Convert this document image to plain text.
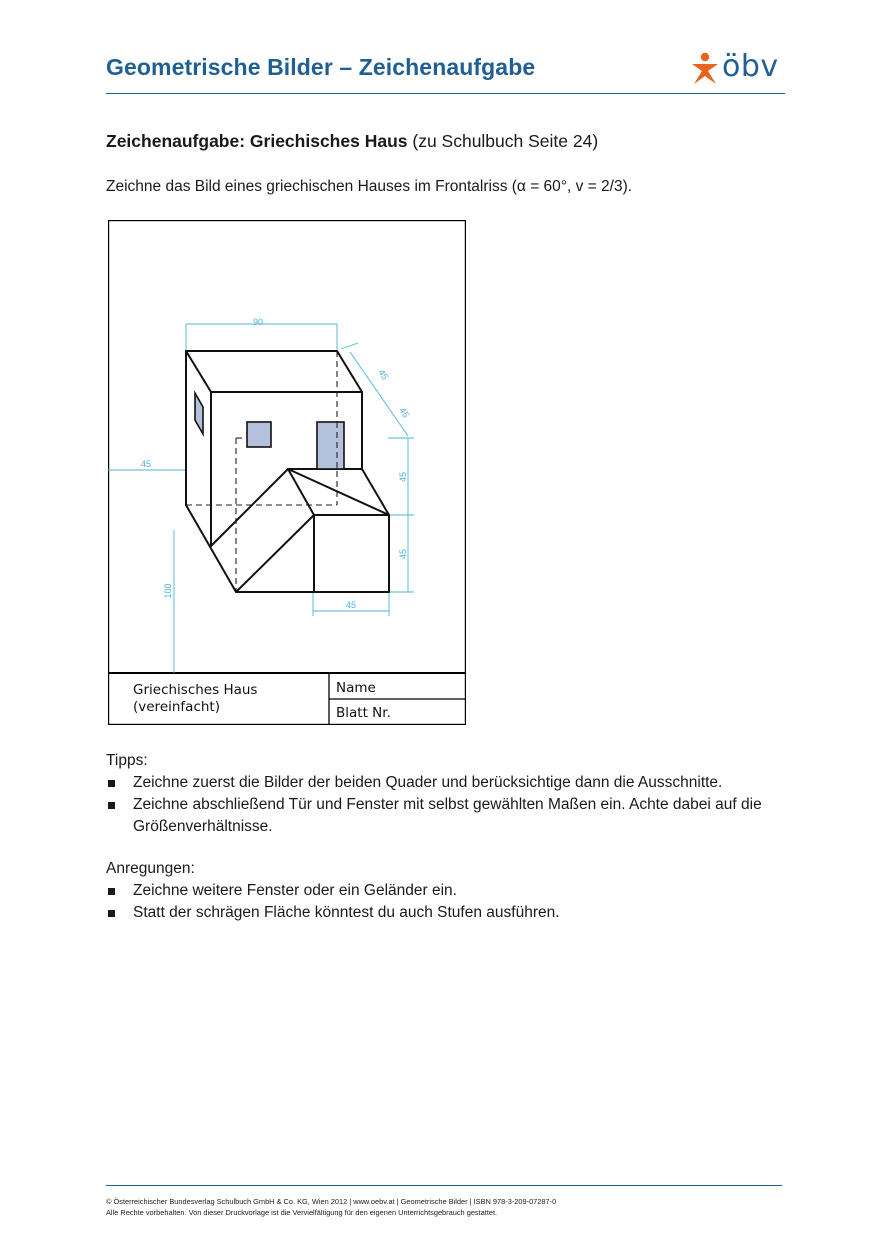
Geometrische Bilder – Zeichenaufgabe	öbv
Zeichenaufgabe: Griechisches Haus (zu Schulbuch Seite 24)
Zeichne das Bild eines griechischen Hauses im Frontalriss (α = 60°, v = 2/3).
Griechisches Haus
(vereinfacht)
Name
Blatt Nr.
90
45
45
45
45
45
45
100
Tipps:
Zeichne zuerst die Bilder der beiden Quader und berücksichtige dann die Ausschnitte.
Zeichne abschließend Tür und Fenster mit selbst gewählten Maßen ein. Achte dabei auf die Größenverhältnisse.
Anregungen:
Zeichne weitere Fenster oder ein Geländer ein.
Statt der schrägen Fläche könntest du auch Stufen ausführen.
© Österreichischer Bundesverlag Schulbuch GmbH & Co. KG, Wien 2012 | www.oebv.at | Geometrische Bilder | ISBN 978-3-209-07287-0
Alle Rechte vorbehalten. Von dieser Druckvorlage ist die Vervielfältigung für den eigenen Unterrichtsgebrauch gestattet.
